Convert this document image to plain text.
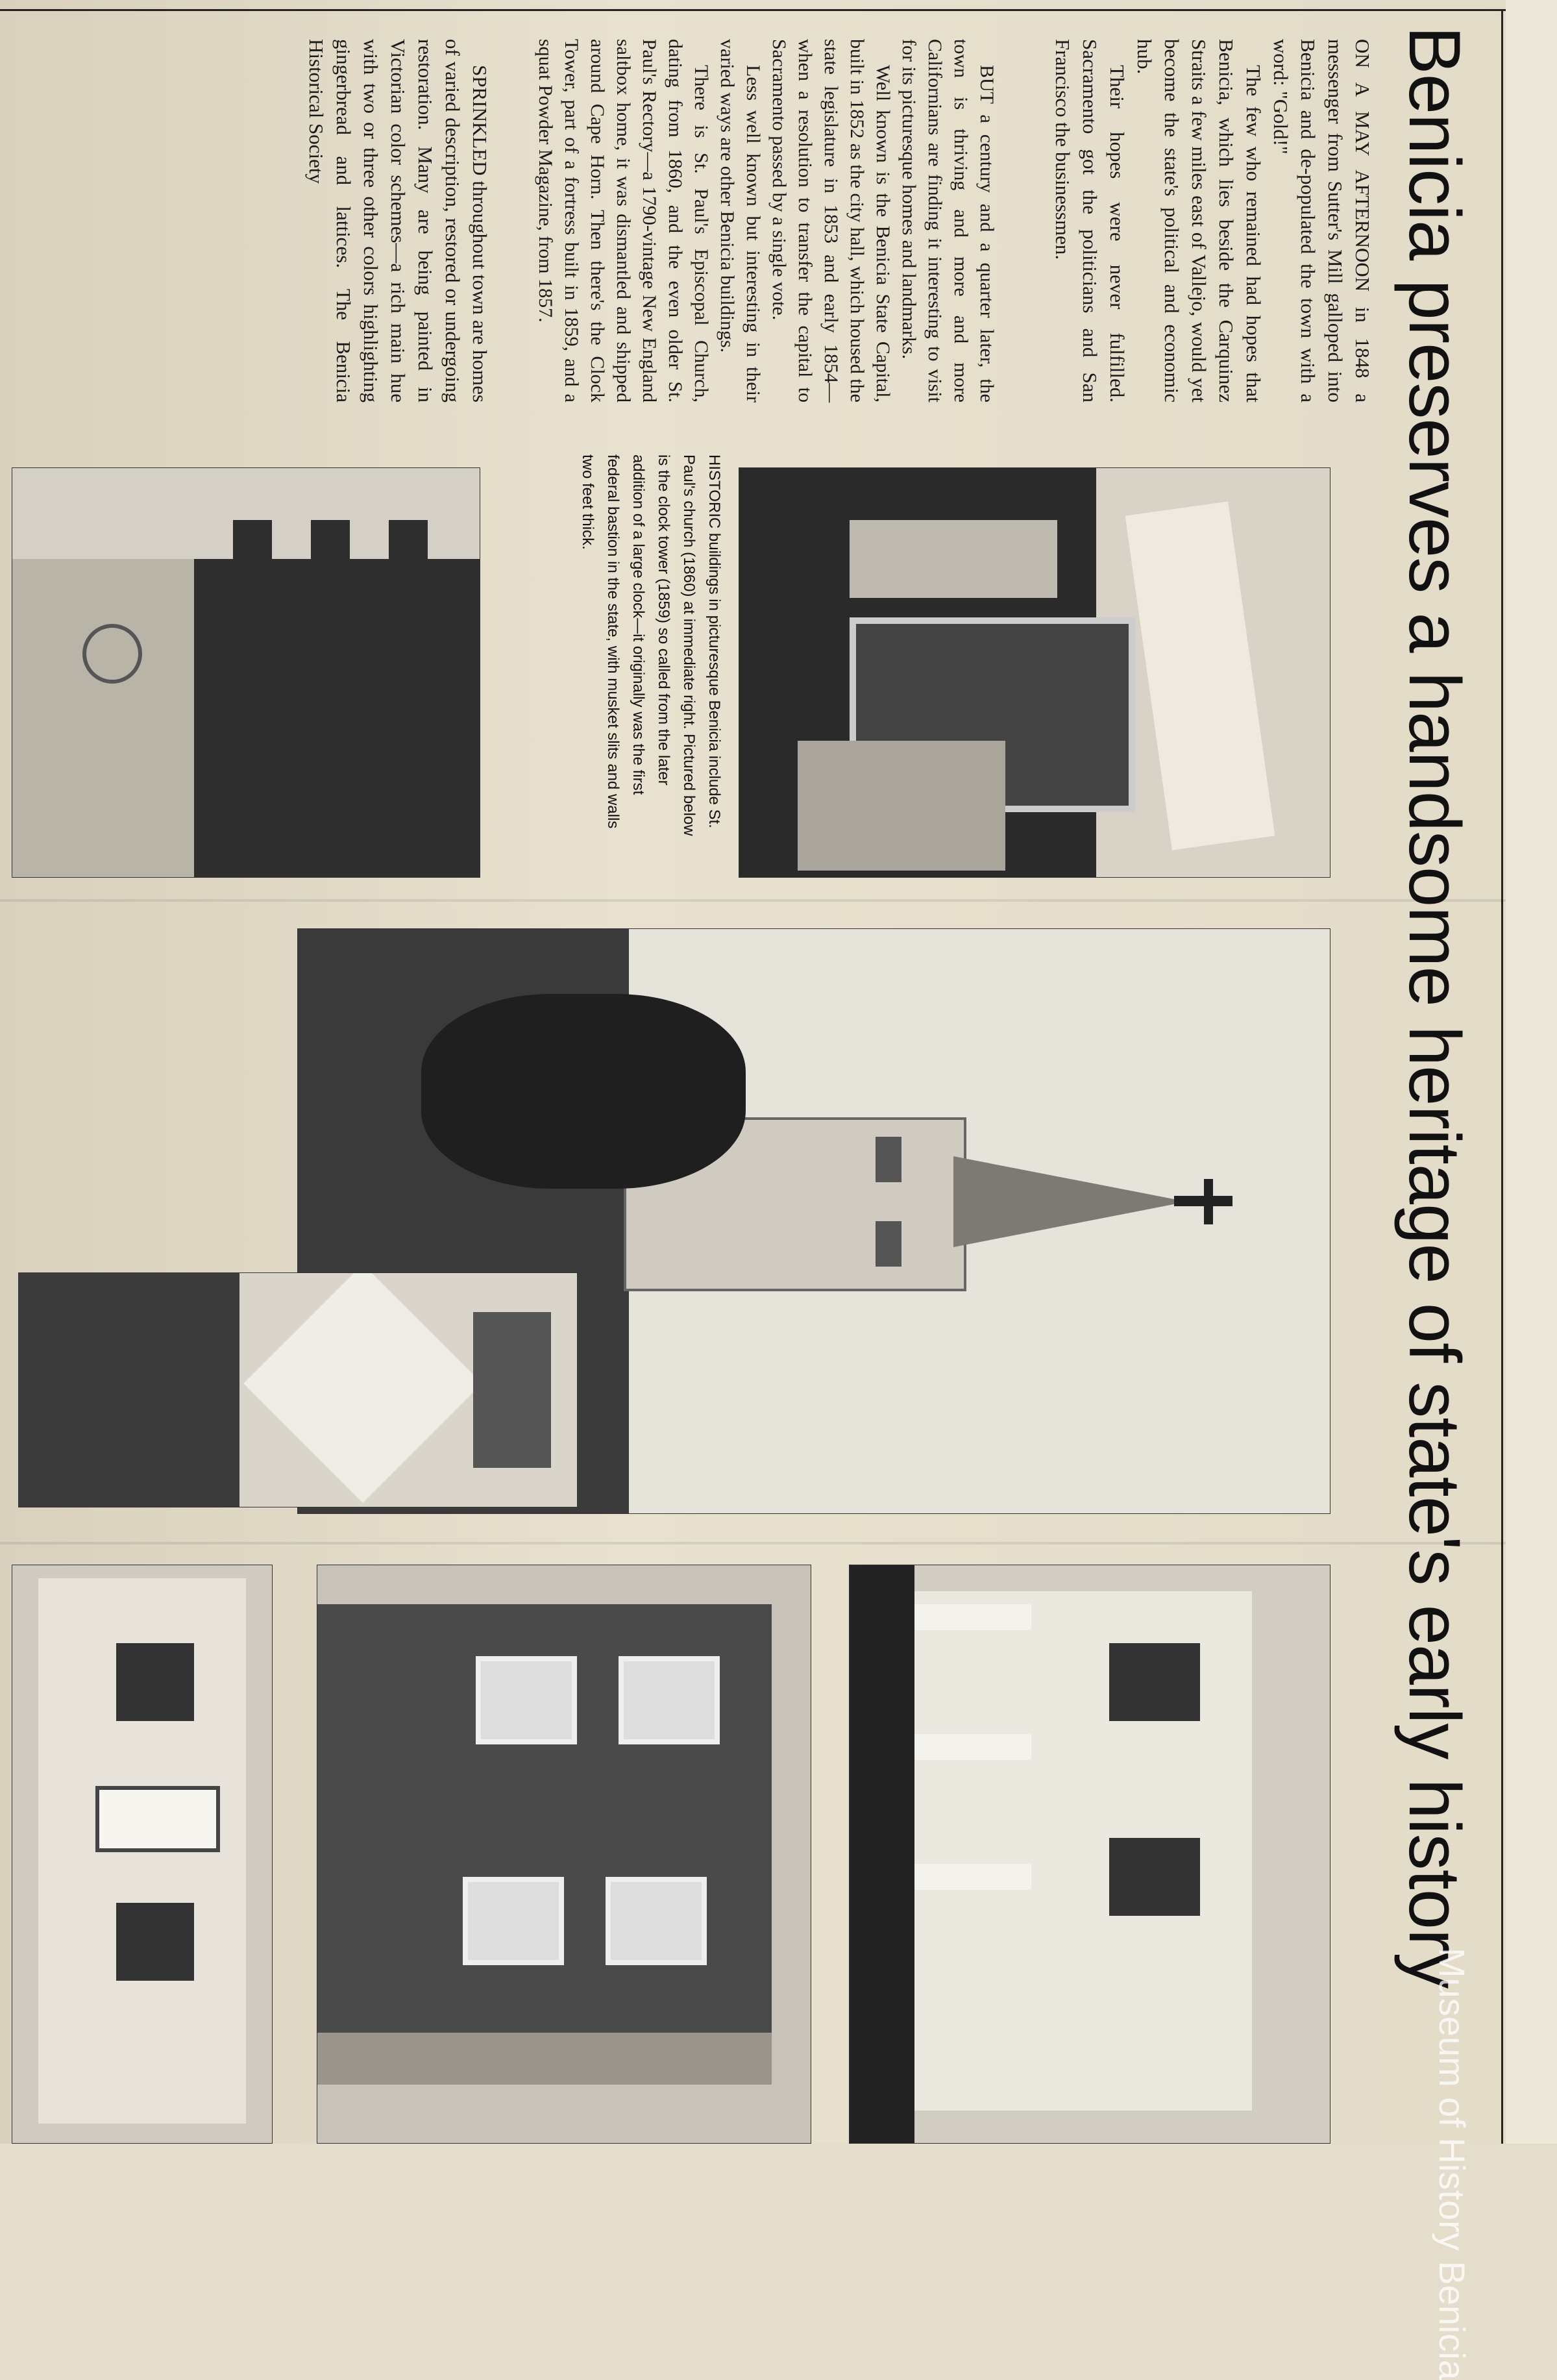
Benicia preserves a handsome heritage of state's early history

ON A MAY AFTERNOON in 1848 a messenger from Sutter's Mill galloped into Benicia and de-populated the town with a word: "Gold!"

The few who remained had hopes that Benicia, which lies beside the Carquinez Straits a few miles east of Vallejo, would yet become the state's political and economic hub.

Their hopes were never fulfilled. Sacramento got the politicians and San Francisco the businessmen.

BUT a century and a quarter later, the town is thriving and more and more Californians are finding it interesting to visit for its picturesque homes and landmarks.

Well known is the Benicia State Capital, built in 1852 as the city hall, which housed the state legislature in 1853 and early 1854—when a resolution to transfer the capital to Sacramento passed by a single vote.

Less well known but interesting in their varied ways are other Benicia buildings.

There is St. Paul's Episcopal Church, dating from 1860, and the even older St. Paul's Rectory—a 1790-vintage New England saltbox home, it was dismantled and shipped around Cape Horn. Then there's the Clock Tower, part of a fortress built in 1859, and a squat Powder Magazine, from 1857.

SPRINKLED throughout town are homes of varied description, restored or undergoing restoration. Many are being painted in Victorian color schemes—a rich main hue with two or three other colors highlighting gingerbread and lattices. The Benicia Historical Society

HISTORIC buildings in picturesque Benicia include St. Paul's church (1860) at immediate right. Pictured below is the clock tower (1859) so called from the later addition of a large clock—it originally was the first federal bastion in the state, with musket slits and walls two feet thick.
Museum of History Benicia
